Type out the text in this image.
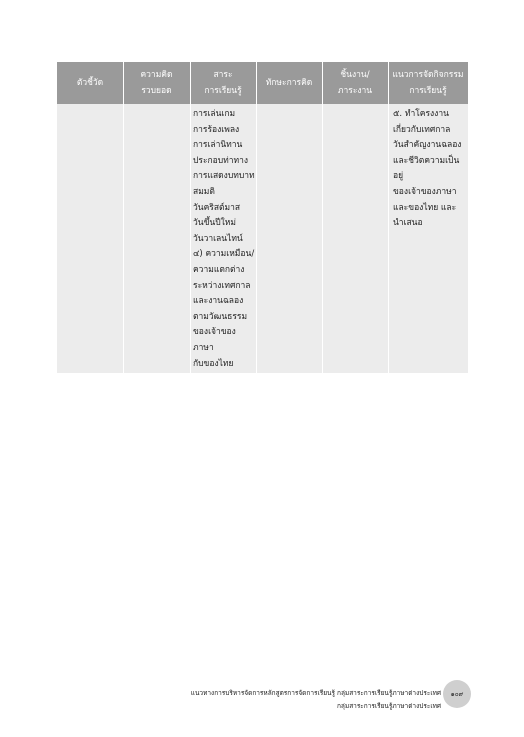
ตัวชี้วัด
ความคิด
รวบยอด
สาระ
การเรียนรู้
ทักษะการคิด
ชิ้นงาน/
ภาระงาน
แนวการจัดกิจกรรม
การเรียนรู้
การเล่นเกม
การร้องเพลง
การเล่านิทาน
ประกอบท่าทาง
การแสดงบทบาท
สมมติ
วันคริสต์มาส
วันขึ้นปีใหม่
วันวาเลนไทน์
๔) ความเหมือน/
ความแตกต่าง
ระหว่างเทศกาล
และงานฉลอง
ตามวัฒนธรรม
ของเจ้าของภาษา
กับของไทย
๕. ทำโครงงาน
เกี่ยวกับเทศกาล
วันสำคัญงานฉลอง
และชีวิตความเป็นอยู่
ของเจ้าของภาษา
และของไทย และ
นำเสนอ
แนวทางการบริหารจัดการหลักสูตรการจัดการเรียนรู้ กลุ่มสาระการเรียนรู้ภาษาต่างประเทศ
กลุ่มสาระการเรียนรู้ภาษาต่างประเทศ
๑๐๙
